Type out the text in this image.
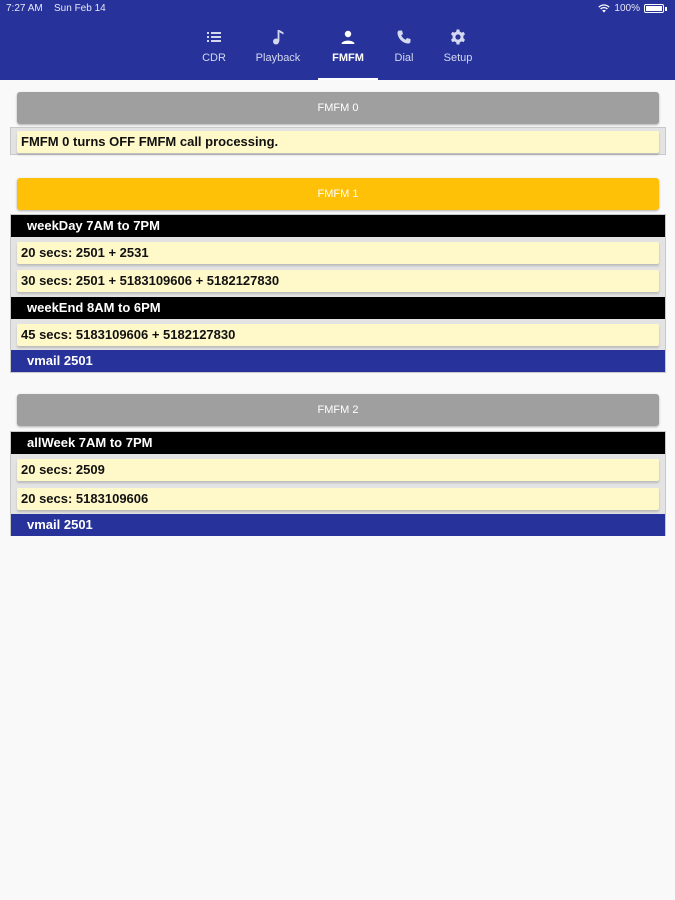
7:27 AM Sun Feb 14	100%
CDR	Playback	FMFM	Dial	Setup
FMFM 0
FMFM 0 turns OFF FMFM call processing.
FMFM 1
weekDay 7AM to 7PM
20 secs: 2501 + 2531
30 secs: 2501 + 5183109606 + 5182127830
weekEnd 8AM to 6PM
45 secs: 5183109606 + 5182127830
vmail 2501
FMFM 2
allWeek 7AM to 7PM
20 secs: 2509
20 secs: 5183109606
vmail 2501
